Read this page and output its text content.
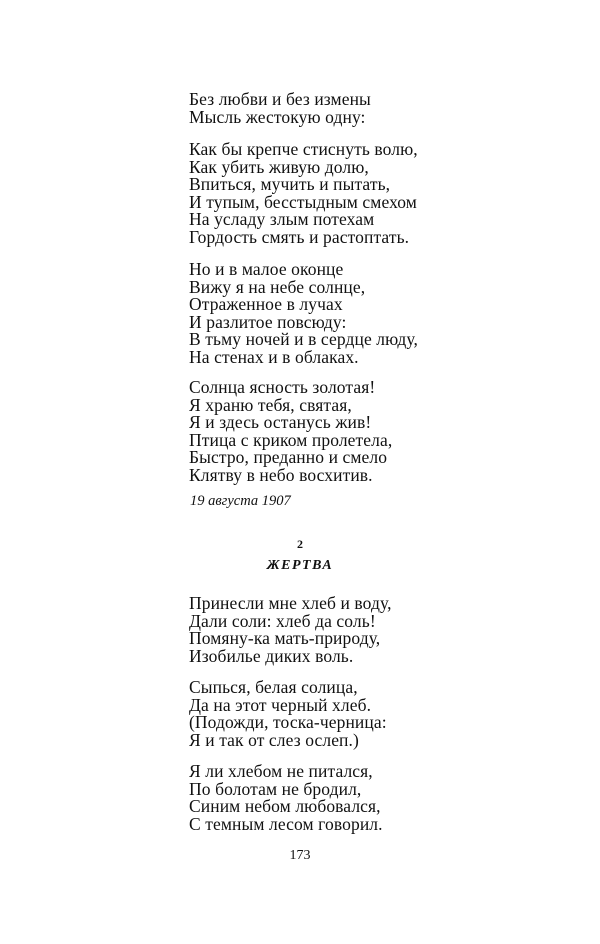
Без любви и без измены
Мысль жестокую одну:
Как бы крепче стиснуть волю,
Как убить живую долю,
Впиться, мучить и пытать,
И тупым, бесстыдным смехом
На усладу злым потехам
Гордость смять и растоптать.
Но и в малое оконце
Вижу я на небе солнце,
Отраженное в лучах
И разлитое повсюду:
В тьму ночей и в сердце люду,
На стенах и в облаках.
Солнца ясность золотая!
Я храню тебя, святая,
Я и здесь останусь жив!
Птица с криком пролетела,
Быстро, преданно и смело
Клятву в небо восхитив.
19 августа 1907
2
ЖЕРТВА
Принесли мне хлеб и воду,
Дали соли: хлеб да соль!
Помяну-ка мать-природу,
Изобилье диких воль.
Сыпься, белая солица,
Да на этот черный хлеб.
(Подожди, тоска-черница:
Я и так от слез ослеп.)
Я ли хлебом не питался,
По болотам не бродил,
Синим небом любовался,
С темным лесом говорил.
173
